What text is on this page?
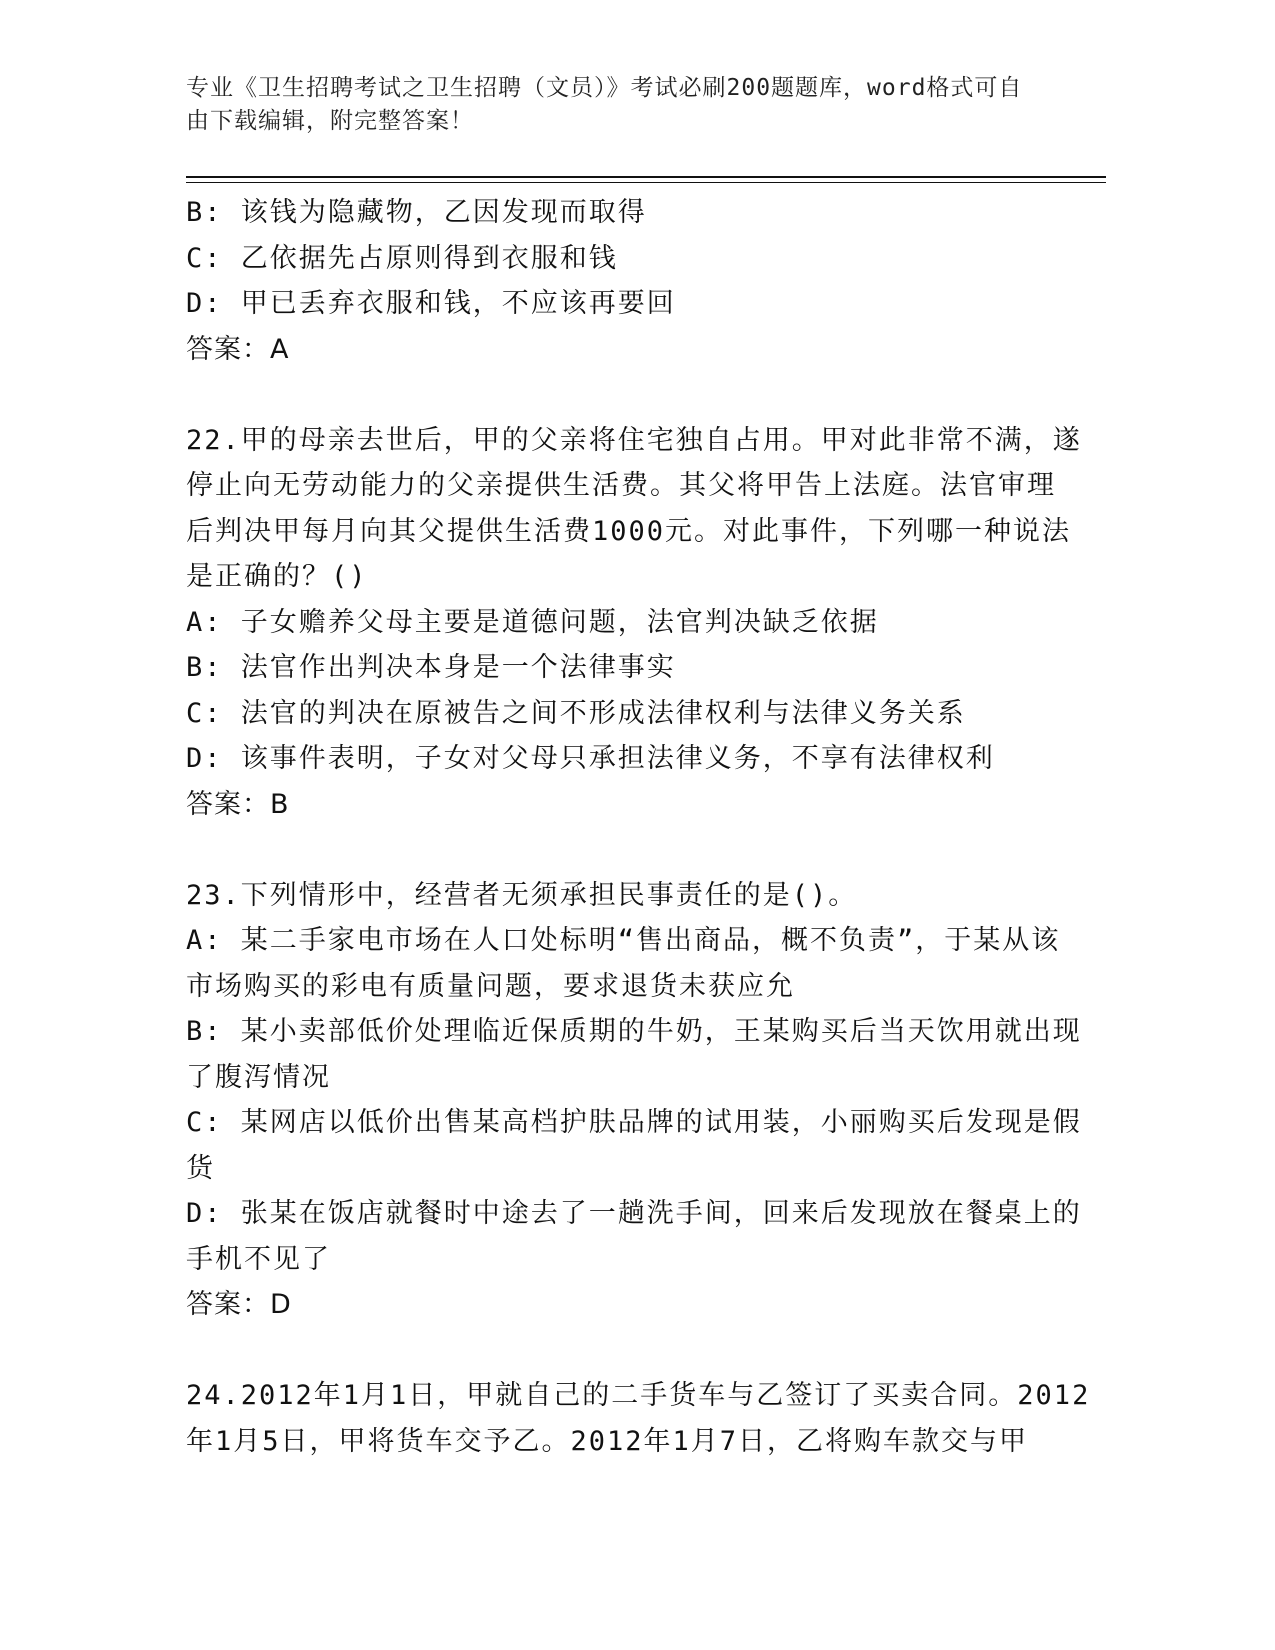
专业《卫生招聘考试之卫生招聘（文员）》考试必刷200题题库，word格式可自
由下载编辑，附完整答案！
B: 该钱为隐藏物，乙因发现而取得
C: 乙依据先占原则得到衣服和钱
D: 甲已丢弃衣服和钱，不应该再要回
答案：A
22.甲的母亲去世后，甲的父亲将住宅独自占用。甲对此非常不满，遂
停止向无劳动能力的父亲提供生活费。其父将甲告上法庭。法官审理
后判决甲每月向其父提供生活费1000元。对此事件，下列哪一种说法
是正确的？()
A: 子女赡养父母主要是道德问题，法官判决缺乏依据
B: 法官作出判决本身是一个法律事实
C: 法官的判决在原被告之间不形成法律权利与法律义务关系
D: 该事件表明，子女对父母只承担法律义务，不享有法律权利
答案：B
23.下列情形中，经营者无须承担民事责任的是()。
A: 某二手家电市场在人口处标明“售出商品，概不负责”，于某从该
市场购买的彩电有质量问题，要求退货未获应允
B: 某小卖部低价处理临近保质期的牛奶，王某购买后当天饮用就出现
了腹泻情况
C: 某网店以低价出售某高档护肤品牌的试用装，小丽购买后发现是假
货
D: 张某在饭店就餐时中途去了一趟洗手间，回来后发现放在餐桌上的
手机不见了
答案：D
24.2012年1月1日，甲就自己的二手货车与乙签订了买卖合同。2012
年1月5日，甲将货车交予乙。2012年1月7日，乙将购车款交与甲
